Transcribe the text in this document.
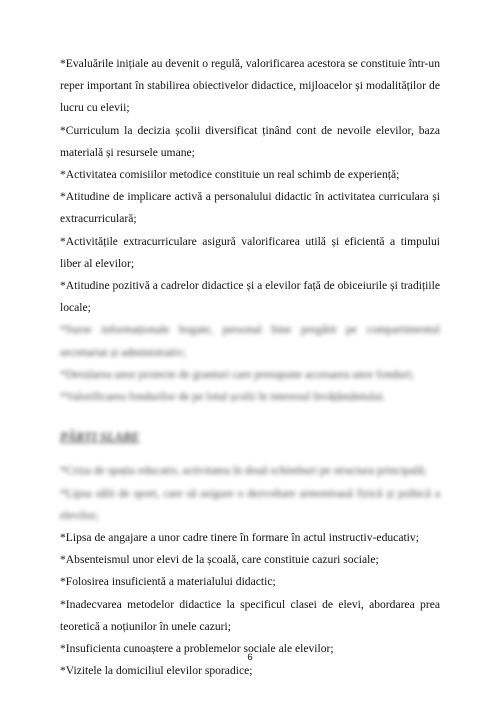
*Evaluările inițiale au devenit o regulă, valorificarea acestora se constituie într-un reper important în stabilirea obiectivelor didactice, mijloacelor și modalităților de lucru cu elevii;

*Curriculum la decizia școlii diversificat ținând cont de nevoile elevilor, baza materială și resursele umane;

*Activitatea comisiilor metodice constituie un real schimb de experiență;

*Atitudine de implicare activă a personalului didactic în activitatea curriculara și extracurriculară;

*Activitățile extracurriculare asigură valorificarea utilă și eficientă a timpului liber al elevilor;

*Atitudine pozitivă a cadrelor didactice și a elevilor față de obiceiurile și tradițiile locale;

*Surse informaționale bogate, personal bine pregătit pe compartimentul secretariat și administrativ;

*Derularea unor proiecte de granturi care presupune accesarea unor fonduri;

*Valorificarea fondurilor de pe lotul școlii în interesul învățământului.

PĂRȚI SLABE

*Criza de spațiu educativ, activitatea în două schimburi pe structura principală;

*Lipsa sălii de sport, care să asigure o dezvoltare armonioasă fizică și psihică a elevilor;

*Lipsa de angajare a unor cadre tinere în formare în actul instructiv-educativ;

*Absenteismul unor elevi de la școală, care constituie cazuri sociale;

*Folosirea insuficientă a materialului didactic;

*Inadecvarea metodelor didactice la specificul clasei de elevi, abordarea prea teoretică a noțiunilor în unele cazuri;

*Insuficienta cunoaștere a problemelor sociale ale elevilor;

*Vizitele la domiciliul elevilor sporadice;

6
